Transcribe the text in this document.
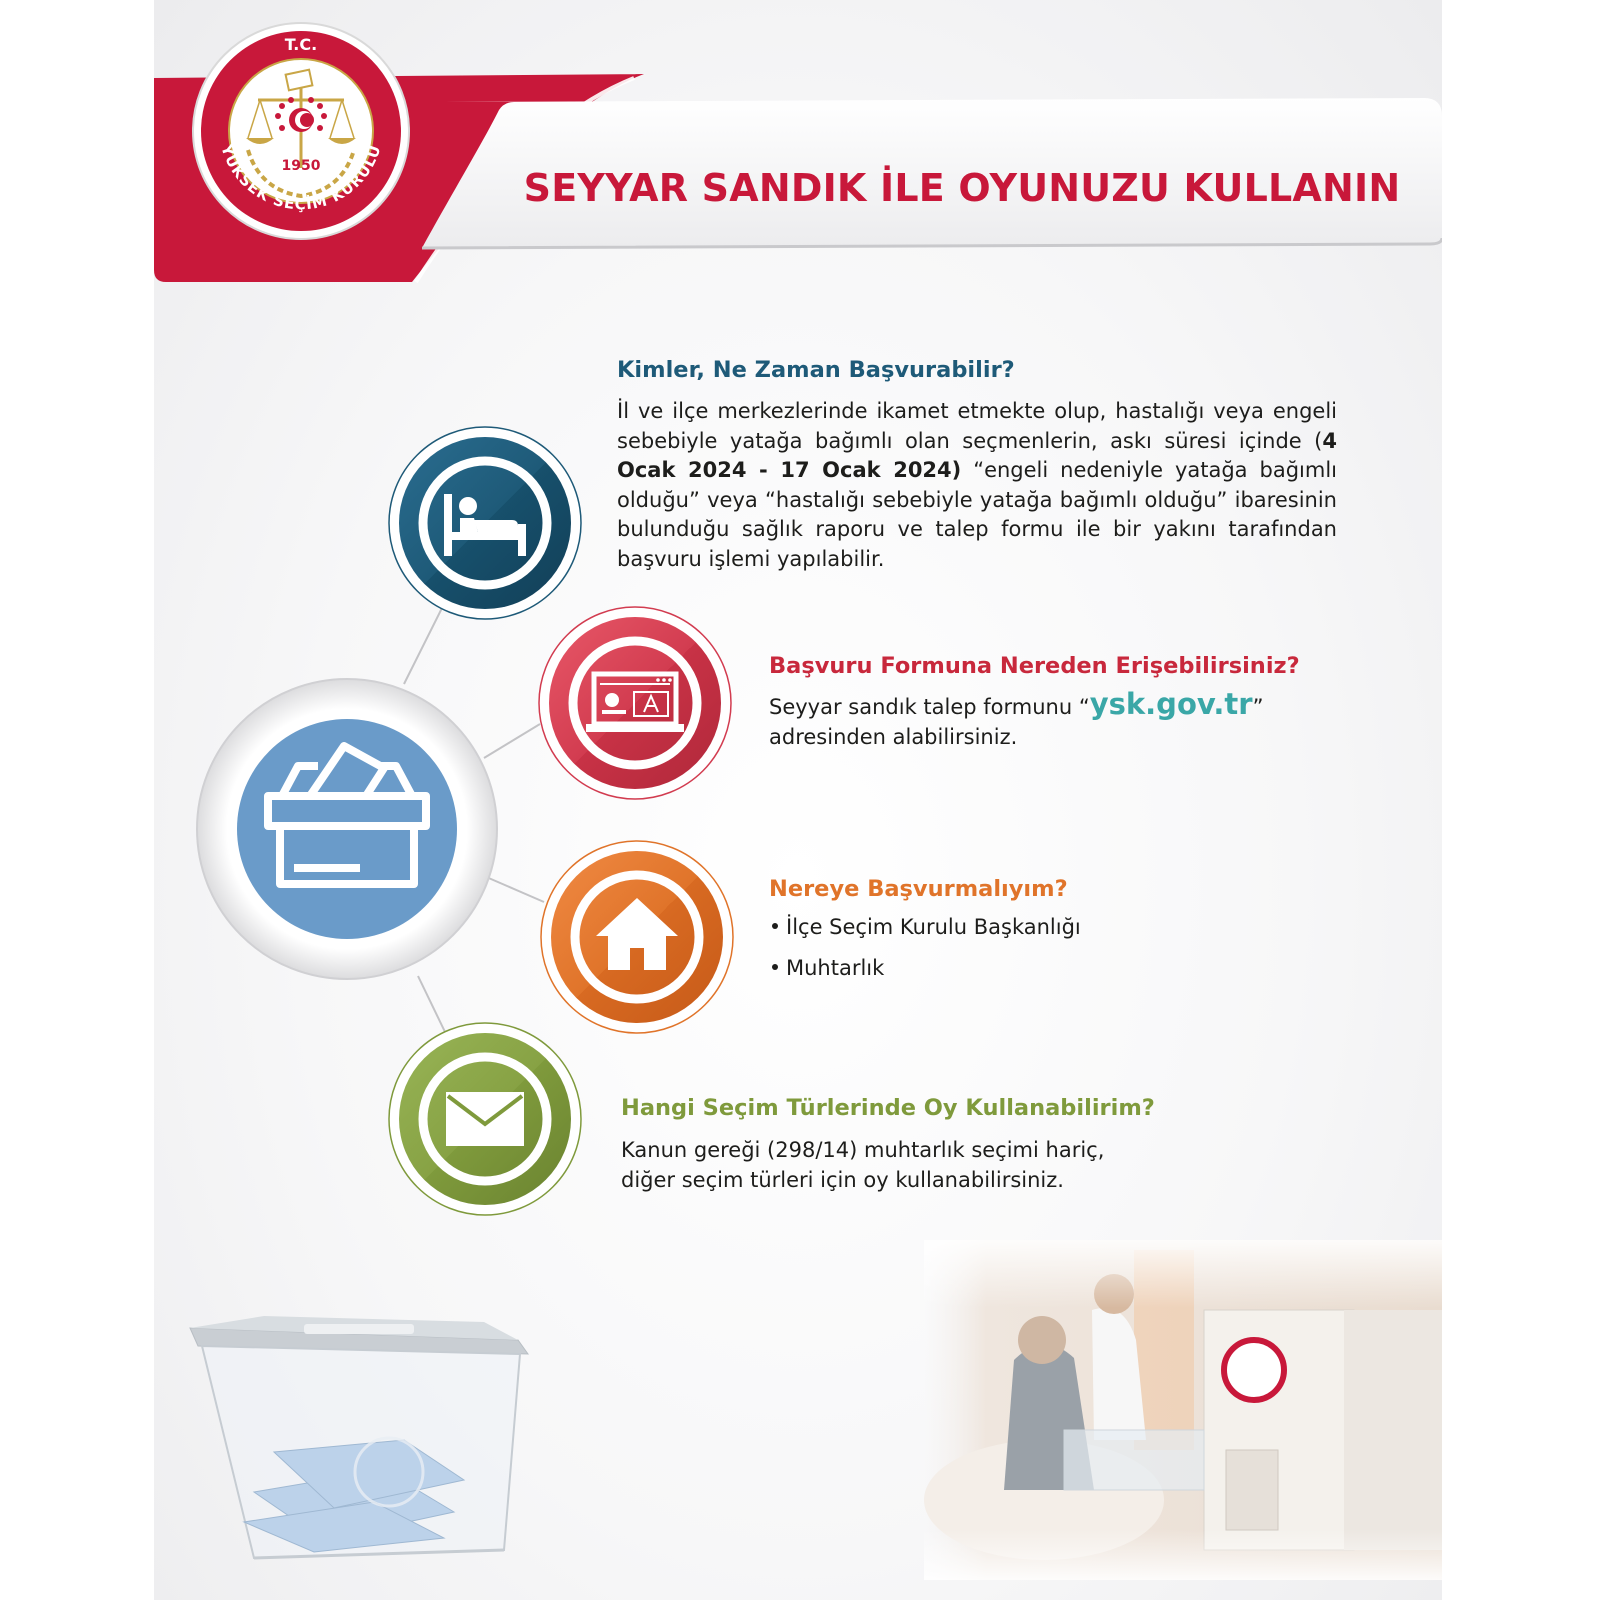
SEYYAR SANDIK İLE OYUNUZU KULLANIN
T.C.
1950
YÜKSEK SEÇİM KURULU
Kimler, Ne Zaman Başvurabilir?
İl ve ilçe merkezlerinde ikamet etmekte olup, hastalığı veya engeli sebebiyle yatağa bağımlı olan seçmenlerin, askı süresi içinde (4 Ocak 2024 - 17 Ocak 2024) “engeli nedeniyle yatağa bağımlı olduğu” veya “hastalığı sebebiyle yatağa bağımlı olduğu” ibaresinin bulunduğu sağlık raporu ve talep formu ile bir yakını tarafından başvuru işlemi yapılabilir.
Başvuru Formuna Nereden Erişebilirsiniz?
Seyyar sandık talep formunu “ysk.gov.tr”
adresinden alabilirsiniz.
Nereye Başvurmalıyım?
İlçe Seçim Kurulu Başkanlığı
Muhtarlık
Hangi Seçim Türlerinde Oy Kullanabilirim?
Kanun gereği (298/14) muhtarlık seçimi hariç,
diğer seçim türleri için oy kullanabilirsiniz.
